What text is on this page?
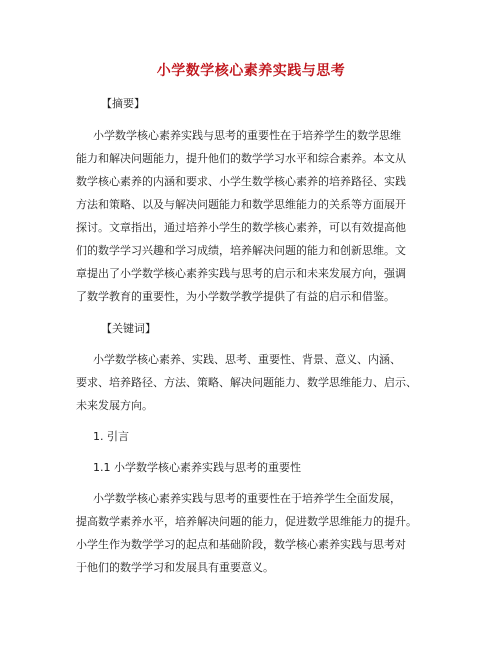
小学数学核心素养实践与思考
【摘要】
小学数学核心素养实践与思考的重要性在于培养学生的数学思维
能力和解决问题能力，提升他们的数学学习水平和综合素养。本文从
数学核心素养的内涵和要求、小学生数学核心素养的培养路径、实践
方法和策略、以及与解决问题能力和数学思维能力的关系等方面展开
探讨。文章指出，通过培养小学生的数学核心素养，可以有效提高他
们的数学学习兴趣和学习成绩，培养解决问题的能力和创新思维。文
章提出了小学数学核心素养实践与思考的启示和未来发展方向，强调
了数学教育的重要性，为小学数学教学提供了有益的启示和借鉴。
【关键词】
小学数学核心素养、实践、思考、重要性、背景、意义、内涵、
要求、培养路径、方法、策略、解决问题能力、数学思维能力、启示、
未来发展方向。
1. 引言
1.1 小学数学核心素养实践与思考的重要性
小学数学核心素养实践与思考的重要性在于培养学生全面发展，
提高数学素养水平，培养解决问题的能力，促进数学思维能力的提升。
小学生作为数学学习的起点和基础阶段，数学核心素养实践与思考对
于他们的数学学习和发展具有重要意义。
